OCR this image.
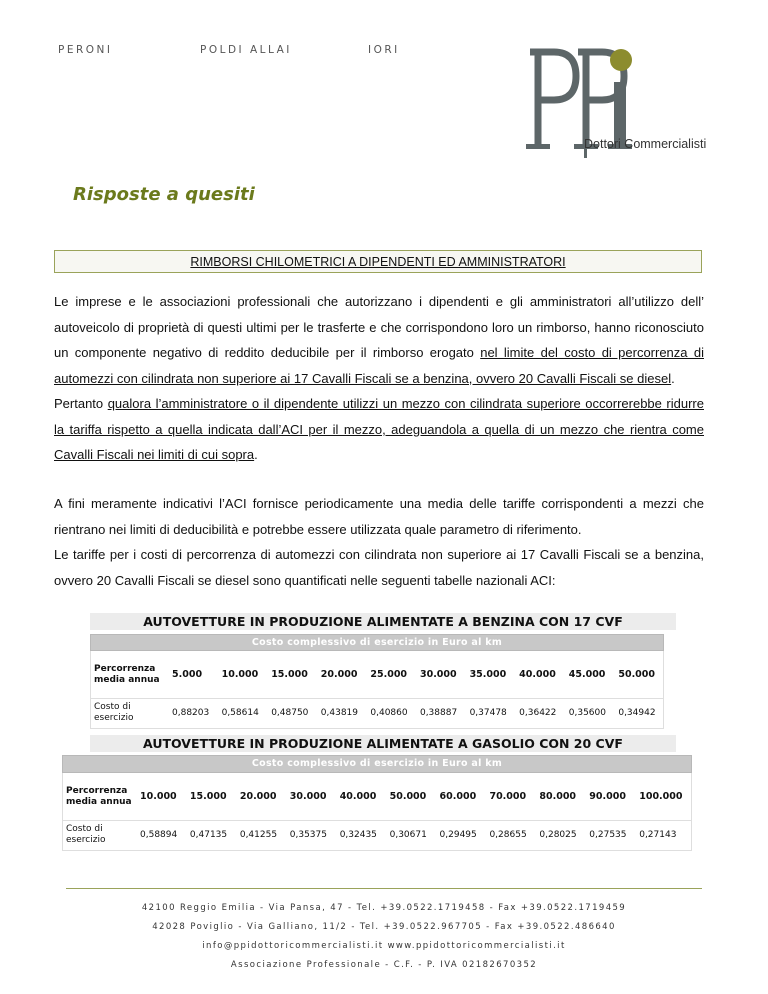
PERONI	POLDI ALLAI	IORI
Dottori Commercialisti
Risposte a quesiti
RIMBORSI CHILOMETRICI A DIPENDENTI ED AMMINISTRATORI

Le imprese e le associazioni professionali che autorizzano i dipendenti e gli amministratori all’utilizzo dell’ autoveicolo di proprietà di questi ultimi per le trasferte e che corrispondono loro un rimborso, hanno riconosciuto un componente negativo di reddito deducibile per il rimborso erogato nel limite del costo di percorrenza di automezzi con cilindrata non superiore ai 17 Cavalli Fiscali se a benzina, ovvero 20 Cavalli Fiscali se diesel.

Pertanto qualora l’amministratore o il dipendente utilizzi un mezzo con cilindrata superiore occorrerebbe ridurre la tariffa rispetto a quella indicata dall’ACI per il mezzo, adeguandola a quella di un mezzo che rientra come Cavalli Fiscali nei limiti di cui sopra.

A fini meramente indicativi l’ACI fornisce periodicamente una media delle tariffe corrispondenti a mezzi che rientrano nei limiti di deducibilità e potrebbe essere utilizzata quale parametro di riferimento.

Le tariffe per i costi di percorrenza di automezzi con cilindrata non superiore ai 17 Cavalli Fiscali se a benzina, ovvero 20 Cavalli Fiscali se diesel sono quantificati nelle seguenti tabelle nazionali ACI:

AUTOVETTURE IN PRODUZIONE ALIMENTATE A BENZINA CON 17 CVF
Costo complessivo di esercizio in Euro al km
Percorrenza media annua	5.000	10.000	15.000	20.000	25.000	30.000	35.000	40.000	45.000	50.000
Costo di esercizio	0,88203	0,58614	0,48750	0,43819	0,40860	0,38887	0,37478	0,36422	0,35600	0,34942
AUTOVETTURE IN PRODUZIONE ALIMENTATE A GASOLIO CON 20 CVF
Costo complessivo di esercizio in Euro al km
Percorrenza media annua	10.000	15.000	20.000	30.000	40.000	50.000	60.000	70.000	80.000	90.000	100.000
Costo di esercizio	0,58894	0,47135	0,41255	0,35375	0,32435	0,30671	0,29495	0,28655	0,28025	0,27535	0,27143
42100 Reggio Emilia - Via Pansa, 47 - Tel. +39.0522.1719458 - Fax +39.0522.1719459
42028 Poviglio - Via Galliano, 11/2 - Tel. +39.0522.967705 - Fax +39.0522.486640
info@ppidottoricommercialisti.it www.ppidottoricommercialisti.it
Associazione Professionale - C.F. - P. IVA 02182670352
